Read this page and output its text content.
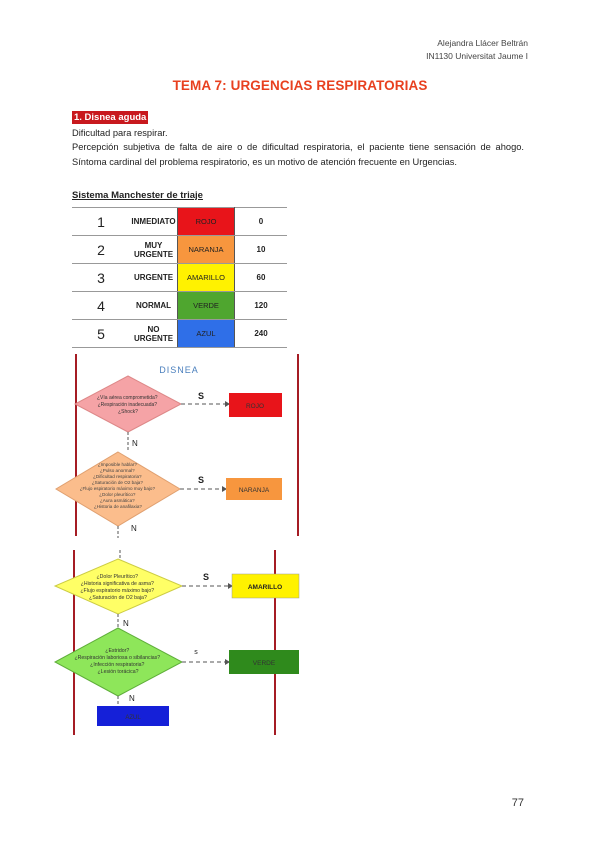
Alejandra Llácer Beltrán
IN1130 Universitat Jaume I
TEMA 7: URGENCIAS RESPIRATORIAS
1. Disnea aguda
Dificultad para respirar.
Percepción subjetiva de falta de aire o de dificultad respiratoria, el paciente tiene sensación de ahogo. Síntoma cardinal del problema respiratorio, es un motivo de atención frecuente en Urgencias.
Sistema Manchester de triaje
1	INMEDIATO	ROJO	0
2	MUY URGENTE	NARANJA	10
3	URGENTE	AMARILLO	60
4	NORMAL	VERDE	120
5	NO URGENTE	AZUL	240
DISNEA
¿Vía aérea comprometida? ¿Respiración inadecuada? ¿Shock?
S
ROJO
N
¿Imposible hablar? ¿Pulso anormal? ¿Dificultad respiratoria? ¿Saturación de O2 baja? ¿Flujo espiratorio máximo muy bajo? ¿Dolor pleurítico? ¿Aura asmática? ¿Historia de anafilaxia?
S
NARANJA
N
¿Dolor Pleurítico? ¿Historia significativa de asma? ¿Flujo espiratorio máximo bajo? ¿Saturación de O2 baja?
S
AMARILLO
N
¿Estridor? ¿Respiración laboriosa o sibilancias? ¿Infección respiratoria? ¿Lesión torácica?
s
VERDE
N
AZUL
77
